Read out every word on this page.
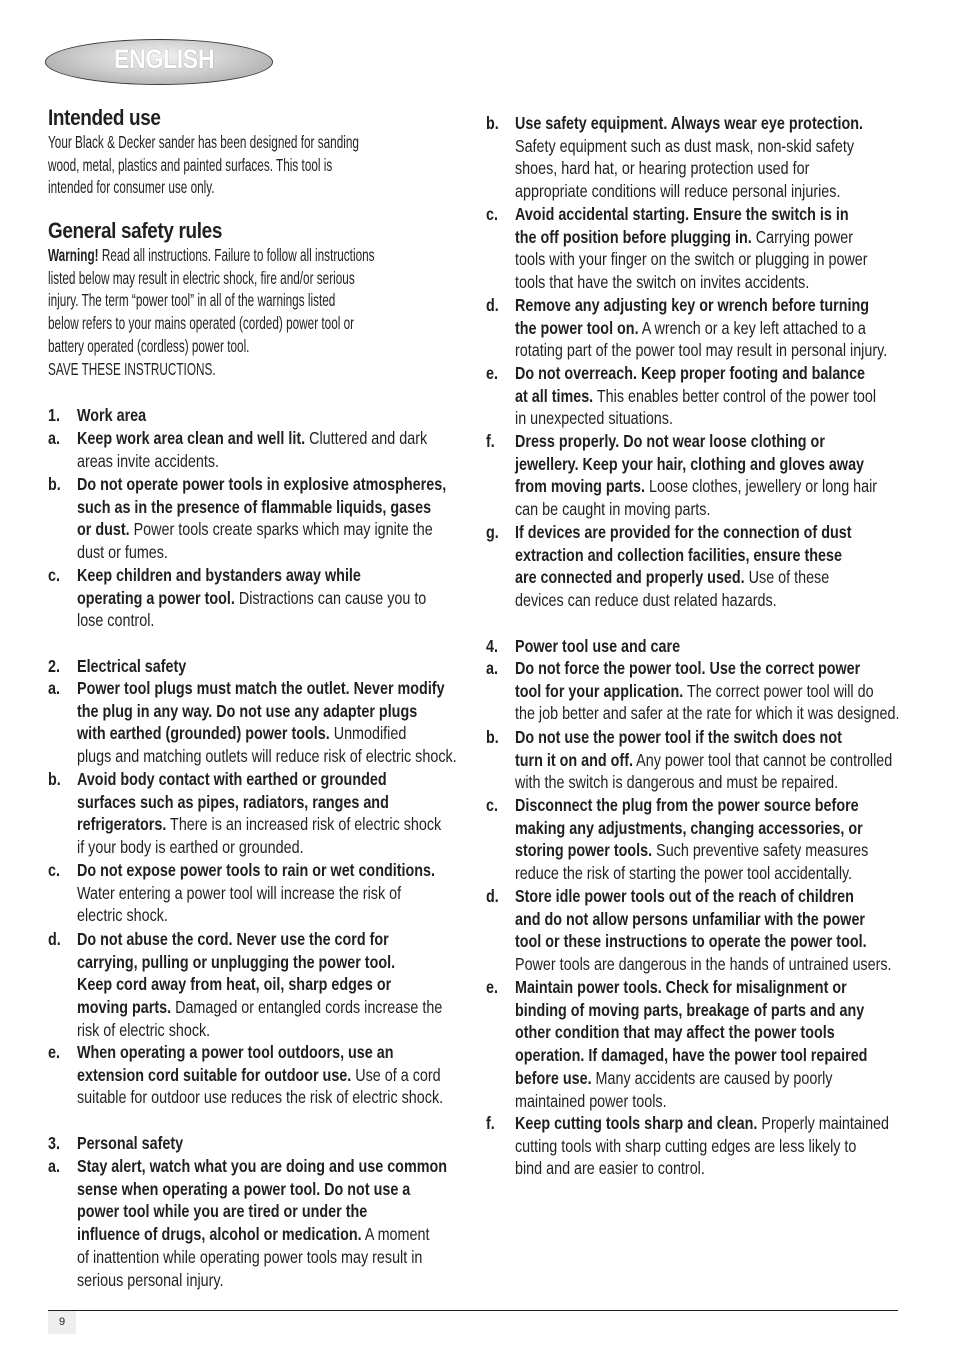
ENGLISH
Intended use
Your Black & Decker sander has been designed for sanding
wood, metal, plastics and painted surfaces. This tool is
intended for consumer use only.
General safety rules
Warning! Read all instructions. Failure to follow all instructions
listed below may result in electric shock, fire and/or serious
injury. The term “power tool” in all of the warnings listed
below refers to your mains operated (corded) power tool or
battery operated (cordless) power tool.
SAVE THESE INSTRUCTIONS.
1. Work area
a. Keep work area clean and well lit. Cluttered and dark
areas invite accidents.
b. Do not operate power tools in explosive atmospheres,
such as in the presence of flammable liquids, gases
or dust. Power tools create sparks which may ignite the
dust or fumes.
c. Keep children and bystanders away while
operating a power tool. Distractions can cause you to
lose control.
2. Electrical safety
a. Power tool plugs must match the outlet. Never modify
the plug in any way. Do not use any adapter plugs
with earthed (grounded) power tools. Unmodified
plugs and matching outlets will reduce risk of electric shock.
b. Avoid body contact with earthed or grounded
surfaces such as pipes, radiators, ranges and
refrigerators. There is an increased risk of electric shock
if your body is earthed or grounded.
c. Do not expose power tools to rain or wet conditions.
Water entering a power tool will increase the risk of
electric shock.
d. Do not abuse the cord. Never use the cord for
carrying, pulling or unplugging the power tool.
Keep cord away from heat, oil, sharp edges or
moving parts. Damaged or entangled cords increase the
risk of electric shock.
e. When operating a power tool outdoors, use an
extension cord suitable for outdoor use. Use of a cord
suitable for outdoor use reduces the risk of electric shock.
3. Personal safety
a. Stay alert, watch what you are doing and use common
sense when operating a power tool. Do not use a
power tool while you are tired or under the
influence of drugs, alcohol or medication. A moment
of inattention while operating power tools may result in
serious personal injury.
b. Use safety equipment. Always wear eye protection.
Safety equipment such as dust mask, non-skid safety
shoes, hard hat, or hearing protection used for
appropriate conditions will reduce personal injuries.
c. Avoid accidental starting. Ensure the switch is in
the off position before plugging in. Carrying power
tools with your finger on the switch or plugging in power
tools that have the switch on invites accidents.
d. Remove any adjusting key or wrench before turning
the power tool on. A wrench or a key left attached to a
rotating part of the power tool may result in personal injury.
e. Do not overreach. Keep proper footing and balance
at all times. This enables better control of the power tool
in unexpected situations.
f. Dress properly. Do not wear loose clothing or
jewellery. Keep your hair, clothing and gloves away
from moving parts. Loose clothes, jewellery or long hair
can be caught in moving parts.
g. If devices are provided for the connection of dust
extraction and collection facilities, ensure these
are connected and properly used. Use of these
devices can reduce dust related hazards.
4. Power tool use and care
a. Do not force the power tool. Use the correct power
tool for your application. The correct power tool will do
the job better and safer at the rate for which it was designed.
b. Do not use the power tool if the switch does not
turn it on and off. Any power tool that cannot be controlled
with the switch is dangerous and must be repaired.
c. Disconnect the plug from the power source before
making any adjustments, changing accessories, or
storing power tools. Such preventive safety measures
reduce the risk of starting the power tool accidentally.
d. Store idle power tools out of the reach of children
and do not allow persons unfamiliar with the power
tool or these instructions to operate the power tool.
Power tools are dangerous in the hands of untrained users.
e. Maintain power tools. Check for misalignment or
binding of moving parts, breakage of parts and any
other condition that may affect the power tools
operation. If damaged, have the power tool repaired
before use. Many accidents are caused by poorly
maintained power tools.
f. Keep cutting tools sharp and clean. Properly maintained
cutting tools with sharp cutting edges are less likely to
bind and are easier to control.
9
